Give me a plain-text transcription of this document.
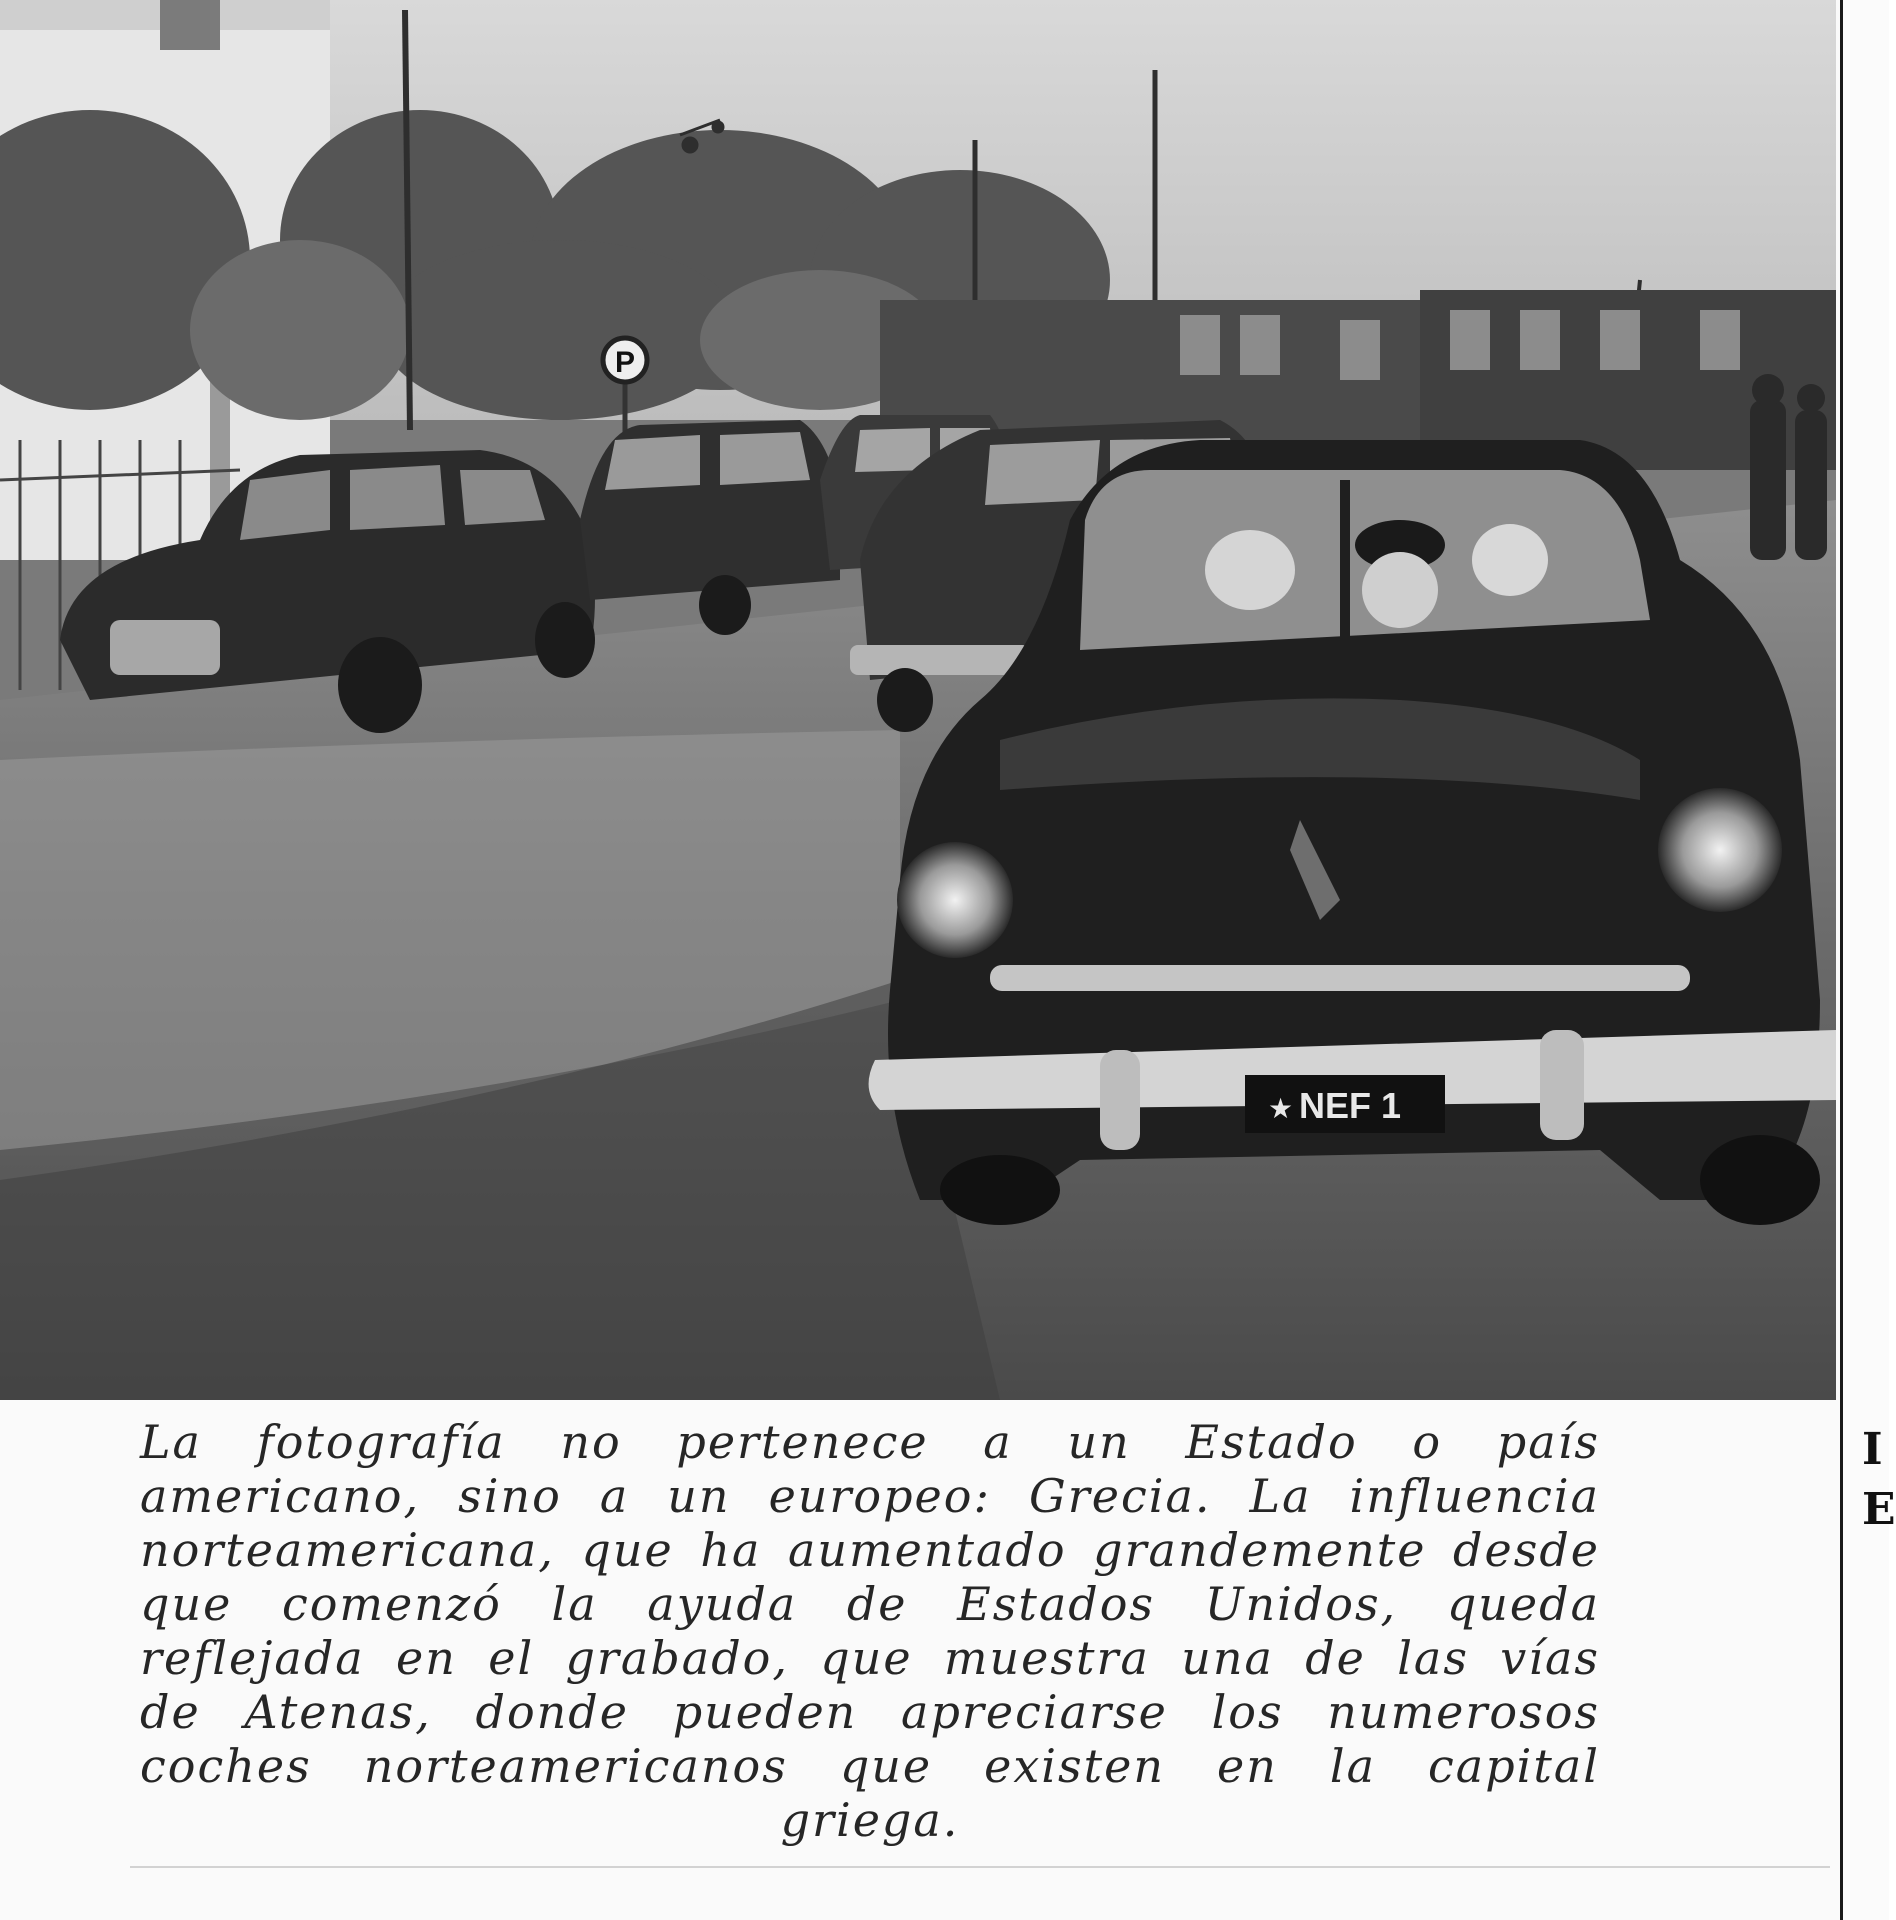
P
NEF 1
★

La fotografía no pertenece a un Estado o país americano, sino a un europeo: Grecia. La influencia norteamericana, que ha aumentado grandemente desde que comenzó la ayuda de Estados Unidos, queda reflejada en el grabado, que muestra una de las vías de Atenas, donde pueden apreciarse los numerosos coches norteamericanos que existen en la capital griega.

I
E
